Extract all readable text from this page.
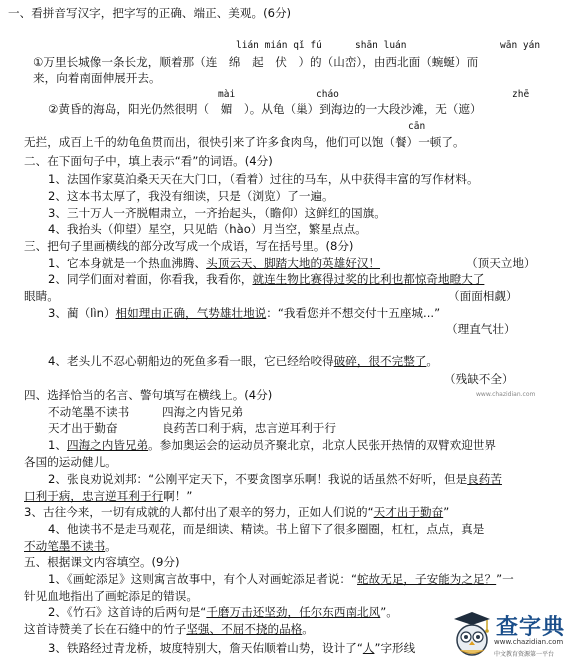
一、看拼音写汉字，把字写的正确、端正、美观。(6分)
lián mián qǐ fú	shān luán	wān yán
①万里长城像一条长龙，顺着那（连　绵　起　伏　）的（山峦），由西北面（蜿蜒）而
来，向着南面伸展开去。
mài	cháo	zhē
②黄昏的海岛，阳光仍然很明（　媚　）。从龟（巢）到海边的一大段沙滩，无（遮）
cān
无拦，成百上千的幼龟鱼贯而出，很快引来了许多食肉鸟，他们可以饱（餐）一顿了。
二、在下面句子中，填上表示“看”的词语。(4分)
1、法国作家莫泊桑天天在大门口，（看着）过往的马车，从中获得丰富的写作材料。
2、这本书太厚了，我没有细读，只是（浏览）了一遍。
3、三十万人一齐脱帽肃立，一齐抬起头，（瞻仰）这鲜红的国旗。
4、我抬头（仰望）星空，只见皓（hào）月当空，繁星点点。
三、把句子里画横线的部分改写成一个成语，写在括号里。(8分)
1、它本身就是一个热血沸腾、头顶云天、脚踏大地的英雄好汉！	（顶天立地）
2、同学们面对着面，你看我，我看你，就连生物比赛得过奖的比利也都惊奇地瞪大了
眼睛。	（面面相觑）
3、蔺（lìn）相如理由正确，气势雄壮地说：“我看您并不想交付十五座城...”
（理直气壮）
4、老头儿不忍心朝船边的死鱼多看一眼，它已经给咬得破碎，很不完整了。
（残缺不全）
四、选择恰当的名言、警句填写在横线上。(4分)
不动笔墨不读书	四海之内皆兄弟
天才出于勤奋	良药苦口利于病，忠言逆耳利于行
1、四海之内皆兄弟。参加奥运会的运动员齐聚北京，北京人民张开热情的双臂欢迎世界
各国的运动健儿。
2、张良劝说刘邦：“公刚平定天下，不要贪图享乐啊！我说的话虽然不好听，但是良药苦
口利于病，忠言逆耳利于行啊！”
3、古往今来，一切有成就的人都付出了艰辛的努力，正如人们说的“天才出于勤奋”
4、他读书不是走马观花，而是细读、精读。书上留下了很多圈圈，杠杠，点点，真是
不动笔墨不读书。
五、根据课文内容填空。(9分)
1、《画蛇添足》这则寓言故事中，有个人对画蛇添足者说：“蛇故无足，子安能为之足？”一
针见血地指出了画蛇添足的错误。
2、《竹石》这首诗的后两句是“千磨万击还坚劲，任尔东西南北风”。
这首诗赞美了长在石缝中的竹子坚强、不屈不挠的品格。
3、铁路经过青龙桥，坡度特别大，詹天佑顺着山势，设计了“人”字形线
www.chazidian.com
查字典
www.chazidian.com
中文教育资源第一平台
